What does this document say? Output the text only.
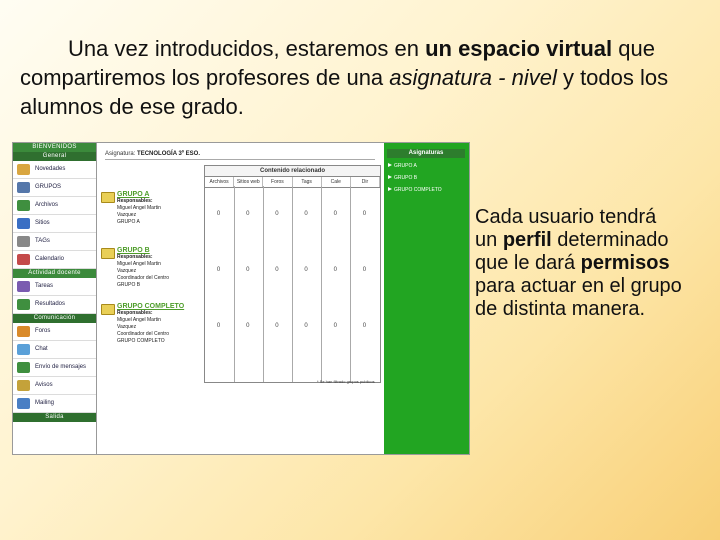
Una vez introducidos, estaremos en un espacio virtual que compartiremos los profesores de una asignatura - nivel y todos los alumnos de ese grado.

Cada usuario tendrá
un perfil determinado
que le dará permisos
para actuar en el grupo
de distinta manera.
BIENVENIDOS
General
Novedades
GRUPOS
Archivos
Sitios
TAGs
Calendario
Actividad docente
Tareas
Resultados
Comunicación
Foros
Chat
Envío de mensajes
Avisos
Mailing
Salida
Asignatura: TECNOLOGÍA 3º ESO.
Contenido relacionado
Archivos	Sitios web	Foros	Tags	Cale	Dir
GRUPO A
Responsables:
Miguel Angel Martin
Vazquez
GRUPO A
0	0	0	0	0	0
GRUPO B
Responsables:
Miguel Angel Martin
Vazquez
Coordinador del Centro
GRUPO B
0	0	0	0	0	0
GRUPO COMPLETO
Responsables:
Miguel Angel Martin
Vazquez
Coordinador del Centro
GRUPO COMPLETO
0	0	0	0	0	0
* Se han filtrado grupos publicos
Asignaturas
GRUPO A
GRUPO B
GRUPO COMPLETO
